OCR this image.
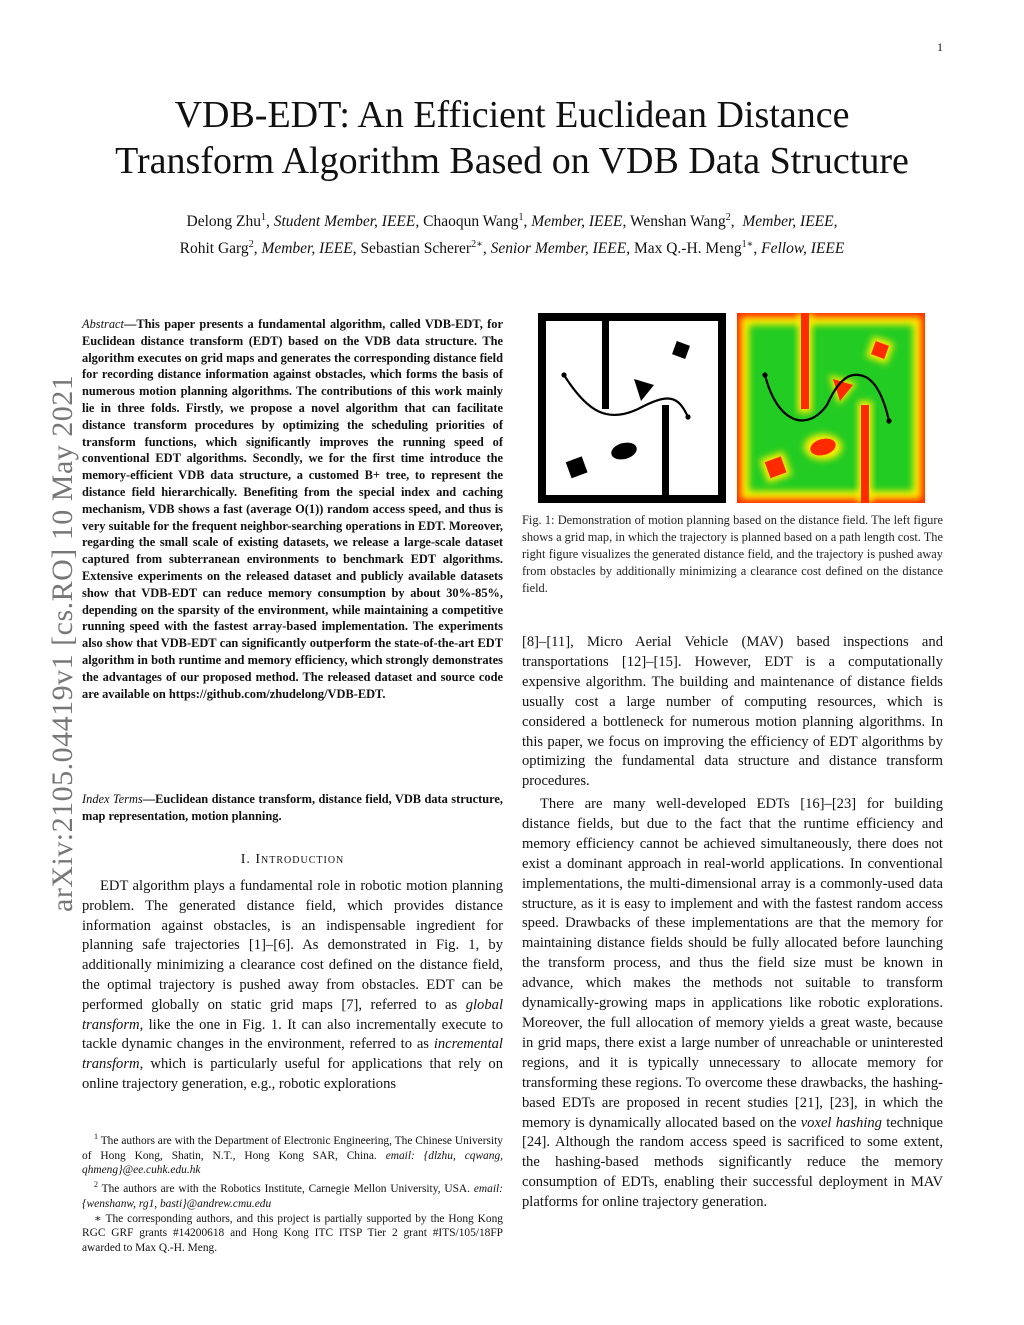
1
arXiv:2105.04419v1 [cs.RO] 10 May 2021
VDB-EDT: An Efficient Euclidean Distance
Transform Algorithm Based on VDB Data Structure
Delong Zhu$^1$, Student Member, IEEE, Chaoqun Wang$^1$, Member, IEEE, Wenshan Wang$^2$,  Member, IEEE,
Rohit Garg$^2$, Member, IEEE, Sebastian Scherer$^{2∗}$, Senior Member, IEEE, Max Q.-H. Meng$^{1∗}$, Fellow, IEEE
Abstract—This paper presents a fundamental algorithm, called VDB-EDT, for Euclidean distance transform (EDT) based on the VDB data structure. The algorithm executes on grid maps and generates the corresponding distance field for recording distance information against obstacles, which forms the basis of numerous motion planning algorithms. The contributions of this work mainly lie in three folds. Firstly, we propose a novel algorithm that can facilitate distance transform procedures by optimizing the scheduling priorities of transform functions, which significantly improves the running speed of conventional EDT algorithms. Secondly, we for the first time introduce the memory-efficient VDB data structure, a customed B+ tree, to represent the distance field hierarchically. Benefiting from the special index and caching mechanism, VDB shows a fast (average O(1)) random access speed, and thus is very suitable for the frequent neighbor-searching operations in EDT. Moreover, regarding the small scale of existing datasets, we release a large-scale dataset captured from subterranean environments to benchmark EDT algorithms. Extensive experiments on the released dataset and publicly available datasets show that VDB-EDT can reduce memory consumption by about 30%-85%, depending on the sparsity of the environment, while maintaining a competitive running speed with the fastest array-based implementation. The experiments also show that VDB-EDT can significantly outperform the state-of-the-art EDT algorithm in both runtime and memory efficiency, which strongly demonstrates the advantages of our proposed method. The released dataset and source code are available on https://github.com/zhudelong/VDB-EDT.
Index Terms—Euclidean distance transform, distance field, VDB data structure, map representation, motion planning.
I. Introduction
EDT algorithm plays a fundamental role in robotic motion planning problem. The generated distance field, which provides distance information against obstacles, is an indispensable ingredient for planning safe trajectories [1]–[6]. As demonstrated in Fig. 1, by additionally minimizing a clearance cost defined on the distance field, the optimal trajectory is pushed away from obstacles. EDT can be performed globally on static grid maps [7], referred to as global transform, like the one in Fig. 1. It can also incrementally execute to tackle dynamic changes in the environment, referred to as incremental transform, which is particularly useful for applications that rely on online trajectory generation, e.g., robotic explorations

$^1$ The authors are with the Department of Electronic Engineering, The Chinese University of Hong Kong, Shatin, N.T., Hong Kong SAR, China. email: {dlzhu, cqwang, qhmeng}@ee.cuhk.edu.hk

$^2$ The authors are with the Robotics Institute, Carnegie Mellon University, USA. email: {wenshanw, rg1, basti}@andrew.cmu.edu

∗ The corresponding authors, and this project is partially supported by the Hong Kong RGC GRF grants #14200618 and Hong Kong ITC ITSP Tier 2 grant #ITS/105/18FP awarded to Max Q.-H. Meng.

Fig. 1: Demonstration of motion planning based on the distance field. The left figure shows a grid map, in which the trajectory is planned based on a path length cost. The right figure visualizes the generated distance field, and the trajectory is pushed away from obstacles by additionally minimizing a clearance cost defined on the distance field.
[8]–[11], Micro Aerial Vehicle (MAV) based inspections and transportations [12]–[15]. However, EDT is a computationally expensive algorithm. The building and maintenance of distance fields usually cost a large number of computing resources, which is considered a bottleneck for numerous motion planning algorithms. In this paper, we focus on improving the efficiency of EDT algorithms by optimizing the fundamental data structure and distance transform procedures.
There are many well-developed EDTs [16]–[23] for building distance fields, but due to the fact that the runtime efficiency and memory efficiency cannot be achieved simultaneously, there does not exist a dominant approach in real-world applications. In conventional implementations, the multi-dimensional array is a commonly-used data structure, as it is easy to implement and with the fastest random access speed. Drawbacks of these implementations are that the memory for maintaining distance fields should be fully allocated before launching the transform process, and thus the field size must be known in advance, which makes the methods not suitable to transform dynamically-growing maps in applications like robotic explorations. Moreover, the full allocation of memory yields a great waste, because in grid maps, there exist a large number of unreachable or uninterested regions, and it is typically unnecessary to allocate memory for transforming these regions. To overcome these drawbacks, the hashing-based EDTs are proposed in recent studies [21], [23], in which the memory is dynamically allocated based on the voxel hashing technique [24]. Although the random access speed is sacrificed to some extent, the hashing-based methods significantly reduce the memory consumption of EDTs, enabling their successful deployment in MAV platforms for online trajectory generation.
